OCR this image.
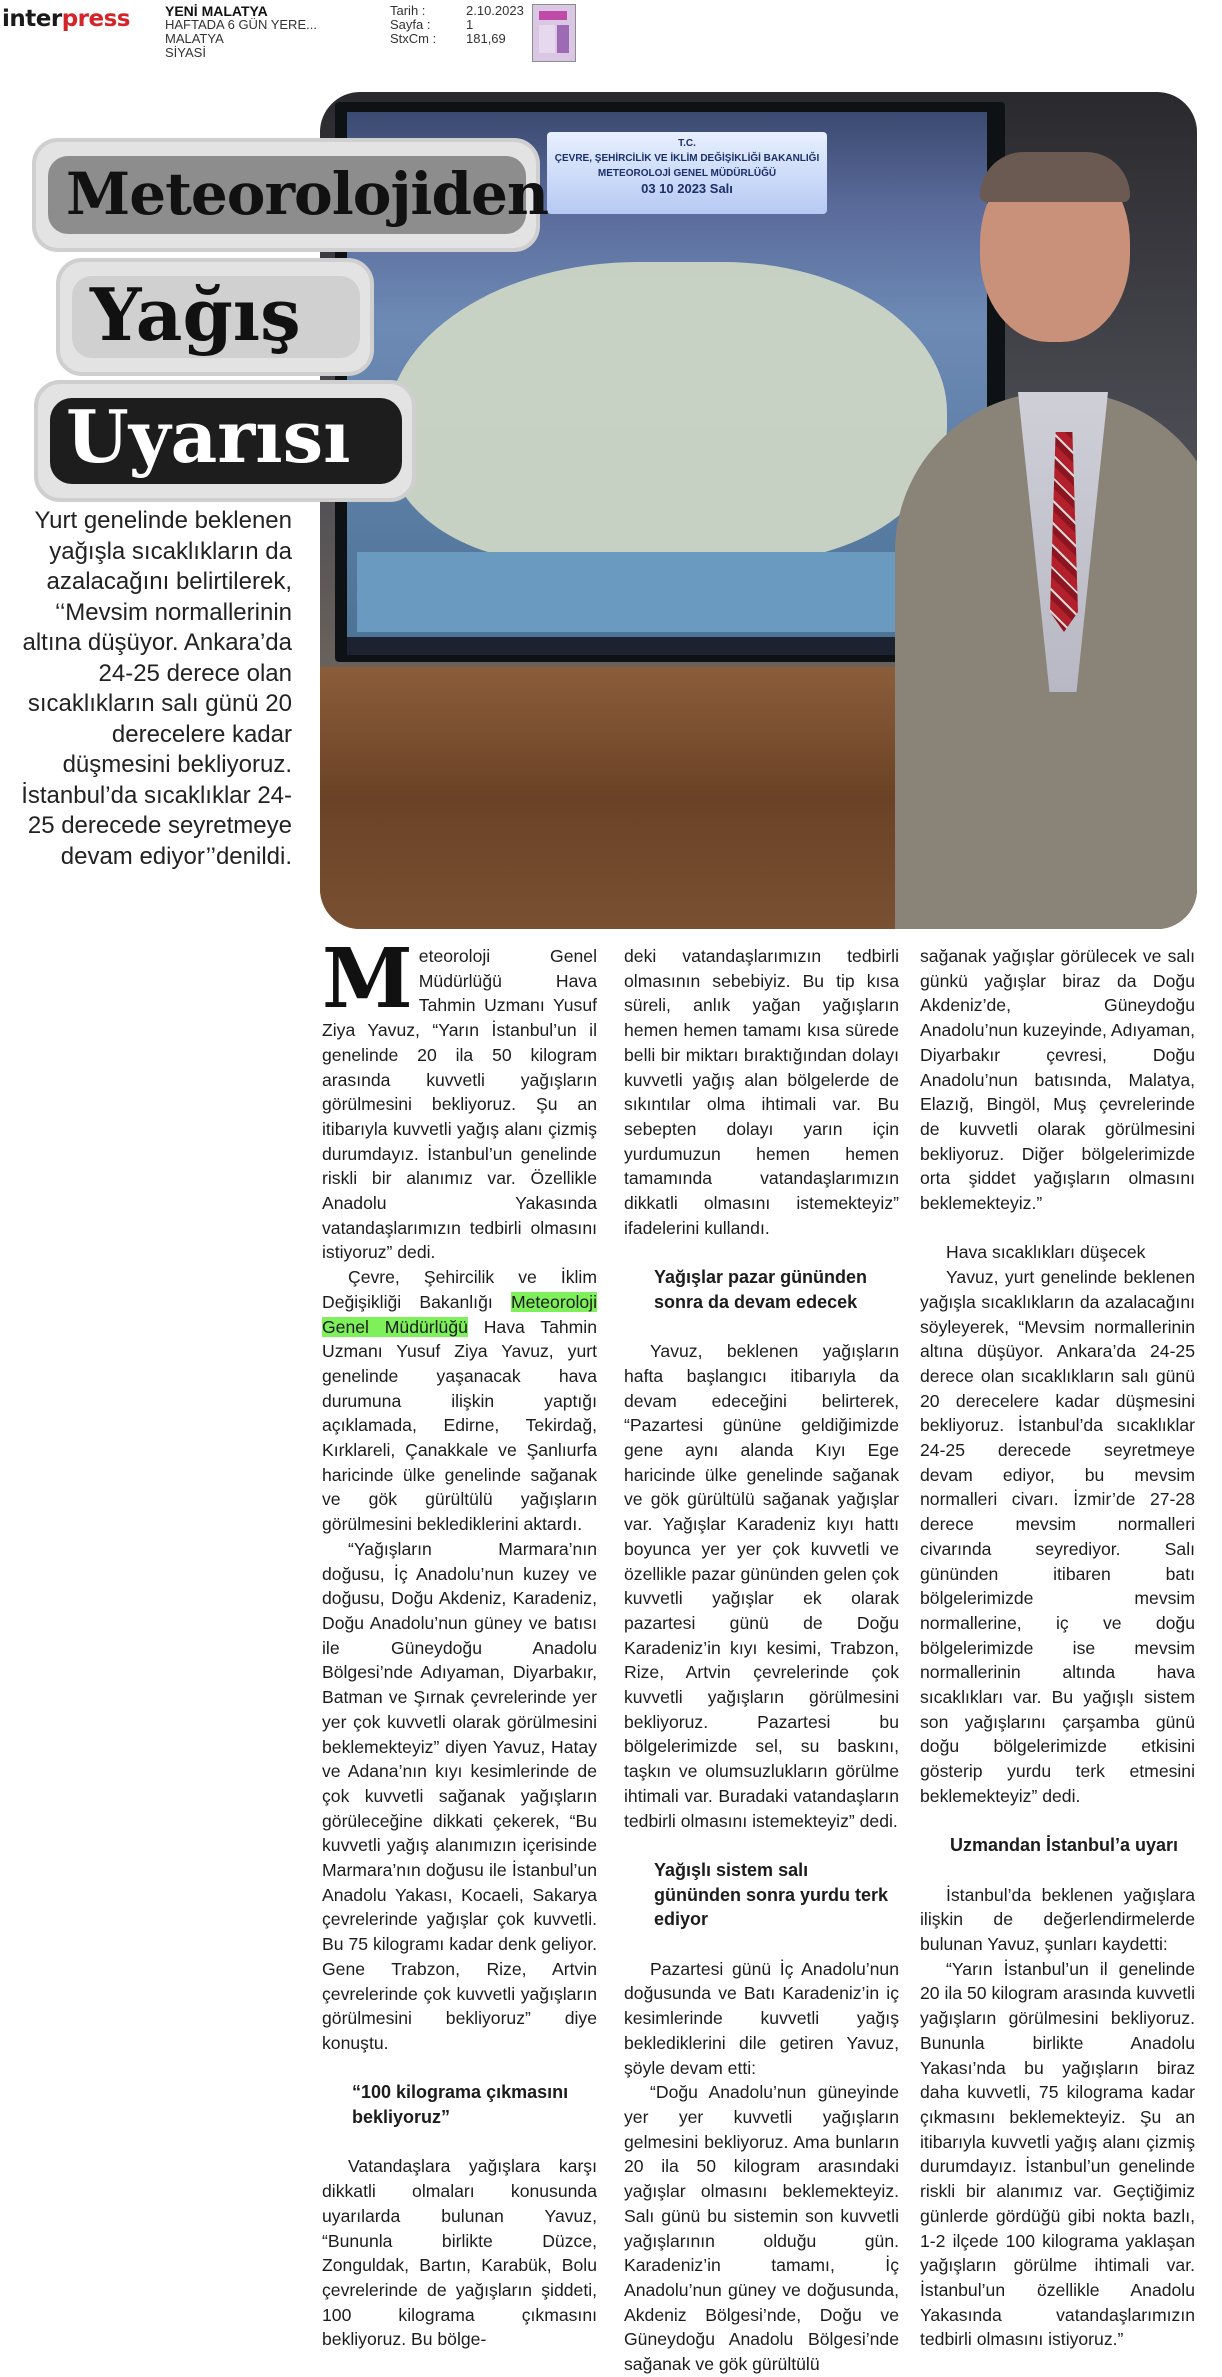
interpress	YENİ MALATYA
HAFTADA 6 GÜN YERE...
MALATYA
SİYASİ
Tarih :	2.10.2023
Sayfa :	1
StxCm :	181,69
T.C.
ÇEVRE, ŞEHİRCİLİK VE İKLİM DEĞİŞİKLİĞİ BAKANLIĞI
METEOROLOJİ GENEL MÜDÜRLÜĞÜ
03 10 2023 Salı
Meteorolojiden
Yağış
Uyarısı
Yurt genelinde beklenen yağışla sıcaklıkların da azalacağını belirtilerek, ‘‘Mevsim normallerinin altına düşüyor. Ankara’da 24-25 derece olan sıcaklıkların salı günü 20 derecelere kadar düşmesini bekliyoruz. İstanbul’da sıcaklıklar 24-25 derecede seyretmeye devam ediyor’’denildi.

Meteoroloji Genel Müdürlüğü Hava Tahmin Uzmanı Yusuf Ziya Yavuz, “Yarın İstanbul’un il genelinde 20 ila 50 kilogram arasında kuvvetli yağışların görülmesini bekliyoruz. Şu an itibarıyla kuvvetli yağış alanı çizmiş durumdayız. İstanbul’un genelinde riskli bir alanımız var. Özellikle Anadolu Yakasında vatandaşlarımızın tedbirli olmasını istiyoruz” dedi.

Çevre, Şehircilik ve İklim Değişikliği Bakanlığı Meteoroloji Genel Müdürlüğü Hava Tahmin Uzmanı Yusuf Ziya Yavuz, yurt genelinde yaşanacak hava durumuna ilişkin yaptığı açıklamada, Edirne, Tekirdağ, Kırklareli, Çanakkale ve Şanlıurfa haricinde ülke genelinde sağanak ve gök gürültülü yağışların görülmesini beklediklerini aktardı.

“Yağışların Marmara’nın doğusu, İç Anadolu’nun kuzey ve doğusu, Doğu Akdeniz, Karadeniz, Doğu Anadolu’nun güney ve batısı ile Güneydoğu Anadolu Bölgesi’nde Adıyaman, Diyarbakır, Batman ve Şırnak çevrelerinde yer yer çok kuvvetli olarak görülmesini beklemekteyiz” diyen Yavuz, Hatay ve Adana’nın kıyı kesimlerinde de çok kuvvetli sağanak yağışların görüleceğine dikkati çekerek, “Bu kuvvetli yağış alanımızın içerisinde Marmara’nın doğusu ile İstanbul’un Anadolu Yakası, Kocaeli, Sakarya çevrelerinde yağışlar çok kuvvetli. Bu 75 kilogramı kadar denk geliyor. Gene Trabzon, Rize, Artvin çevrelerinde çok kuvvetli yağışların görülmesini bekliyoruz” diye konuştu.

“100 kilograma çıkmasını bekliyoruz”

Vatandaşlara yağışlara karşı dikkatli olmaları konusunda uyarılarda bulunan Yavuz, “Bununla birlikte Düzce, Zonguldak, Bartın, Karabük, Bolu çevrelerinde de yağışların şiddeti, 100 kilograma çıkmasını bekliyoruz. Bu bölge-

deki vatandaşlarımızın tedbirli olmasının sebebiyiz. Bu tip kısa süreli, anlık yağan yağışların hemen hemen tamamı kısa sürede belli bir miktarı bıraktığından dolayı kuvvetli yağış alan bölgelerde de sıkıntılar olma ihtimali var. Bu sebepten dolayı yarın için yurdumuzun hemen hemen tamamında vatandaşlarımızın dikkatli olmasını istemekteyiz” ifadelerini kullandı.

Yağışlar pazar gününden sonra da devam edecek

Yavuz, beklenen yağışların hafta başlangıcı itibarıyla da devam edeceğini belirterek, “Pazartesi gününe geldiğimizde gene aynı alanda Kıyı Ege haricinde ülke genelinde sağanak ve gök gürültülü sağanak yağışlar var. Yağışlar Karadeniz kıyı hattı boyunca yer yer çok kuvvetli ve özellikle pazar gününden gelen çok kuvvetli yağışlar ek olarak pazartesi günü de Doğu Karadeniz’in kıyı kesimi, Trabzon, Rize, Artvin çevrelerinde çok kuvvetli yağışların görülmesini bekliyoruz. Pazartesi bu bölgelerimizde sel, su baskını, taşkın ve olumsuzlukların görülme ihtimali var. Buradaki vatandaşların tedbirli olmasını istemekteyiz” dedi.

Yağışlı sistem salı gününden sonra yurdu terk ediyor

Pazartesi günü İç Anadolu’nun doğusunda ve Batı Karadeniz’in iç kesimlerinde kuvvetli yağış beklediklerini dile getiren Yavuz, şöyle devam etti:

“Doğu Anadolu’nun güneyinde yer yer kuvvetli yağışların gelmesini bekliyoruz. Ama bunların 20 ila 50 kilogram arasındaki yağışlar olmasını beklemekteyiz. Salı günü bu sistemin son kuvvetli yağışlarının olduğu gün. Karadeniz’in tamamı, İç Anadolu’nun güney ve doğusunda, Akdeniz Bölgesi’nde, Doğu ve Güneydoğu Anadolu Bölgesi’nde sağanak ve gök gürültülü

sağanak yağışlar görülecek ve salı günkü yağışlar biraz da Doğu Akdeniz’de, Güneydoğu Anadolu’nun kuzeyinde, Adıyaman, Diyarbakır çevresi, Doğu Anadolu’nun batısında, Malatya, Elazığ, Bingöl, Muş çevrelerinde de kuvvetli olarak görülmesini bekliyoruz. Diğer bölgelerimizde orta şiddet yağışların olmasını beklemekteyiz.”

Hava sıcaklıkları düşecek

Yavuz, yurt genelinde beklenen yağışla sıcaklıkların da azalacağını söyleyerek, “Mevsim normallerinin altına düşüyor. Ankara’da 24-25 derece olan sıcaklıkların salı günü 20 derecelere kadar düşmesini bekliyoruz. İstanbul’da sıcaklıklar 24-25 derecede seyretmeye devam ediyor, bu mevsim normalleri civarı. İzmir’de 27-28 derece mevsim normalleri civarında seyrediyor. Salı gününden itibaren batı bölgelerimizde mevsim normallerine, iç ve doğu bölgelerimizde ise mevsim normallerinin altında hava sıcaklıkları var. Bu yağışlı sistem son yağışlarını çarşamba günü doğu bölgelerimizde etkisini gösterip yurdu terk etmesini beklemekteyiz” dedi.

Uzmandan İstanbul’a uyarı

İstanbul’da beklenen yağışlara ilişkin de değerlendirmelerde bulunan Yavuz, şunları kaydetti:

“Yarın İstanbul’un il genelinde 20 ila 50 kilogram arasında kuvvetli yağışların görülmesini bekliyoruz. Bununla birlikte Anadolu Yakası’nda bu yağışların biraz daha kuvvetli, 75 kilograma kadar çıkmasını beklemekteyiz. Şu an itibarıyla kuvvetli yağış alanı çizmiş durumdayız. İstanbul’un genelinde riskli bir alanımız var. Geçtiğimiz günlerde gördüğü gibi nokta bazlı, 1-2 ilçede 100 kilograma yaklaşan yağışların görülme ihtimali var. İstanbul’un özellikle Anadolu Yakasında vatandaşlarımızın tedbirli olmasını istiyoruz.”
